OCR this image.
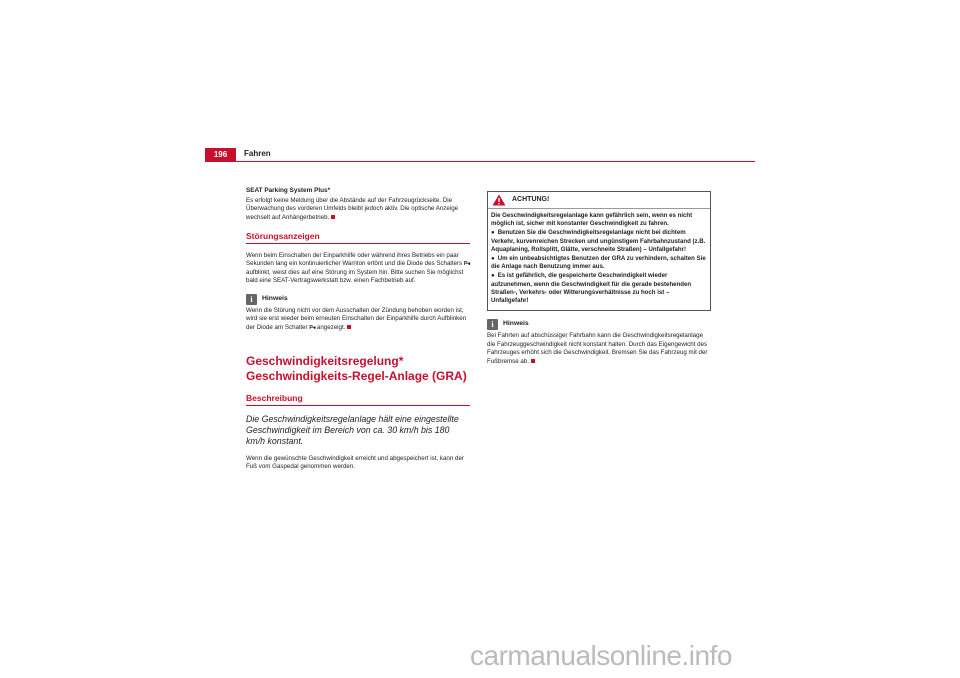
196	Fahren
SEAT Parking System Plus*

Es erfolgt keine Meldung über die Abstände auf der Fahrzeugrückseite. Die Überwachung des vorderen Umfelds bleibt jedoch aktiv. Die optische Anzeige wechselt auf Anhängerbetrieb.

Störungsanzeigen

Wenn beim Einschalten der Einparkhilfe oder während ihres Betriebs ein paar Sekunden lang ein kontinuierlicher Warnton ertönt und die Diode des Schalters P◂ aufblinkt, weist dies auf eine Störung im System hin. Bitte suchen Sie möglichst bald eine SEAT-Vertragswerkstatt bzw. einen Fachbetrieb auf.

i	Hinweis

Wenn die Störung nicht vor dem Ausschalten der Zündung behoben worden ist, wird sie erst wieder beim erneuten Einschalten der Einparkhilfe durch Aufblinken der Diode am Schalter P◂ angezeigt.

Geschwindigkeitsregelung*
Geschwindigkeits-Regel-Anlage (GRA)
Beschreibung
Die Geschwindigkeitsregelanlage hält eine eingestellte Geschwindigkeit im Bereich von ca. 30 km/h bis 180 km/h konstant.

Wenn die gewünschte Geschwindigkeit erreicht und abgespeichert ist, kann der Fuß vom Gaspedal genommen werden.

ACHTUNG!

Die Geschwindigkeitsregelanlage kann gefährlich sein, wenn es nicht möglich ist, sicher mit konstanter Geschwindigkeit zu fahren.

● Benutzen Sie die Geschwindigkeitsregelanlage nicht bei dichtem Verkehr, kurvenreichen Strecken und ungünstigem Fahrbahnzustand (z.B. Aquaplaning, Rollsplitt, Glätte, verschneite Straßen) – Unfallgefahr!

● Um ein unbeabsichtigtes Benutzen der GRA zu verhindern, schalten Sie die Anlage nach Benutzung immer aus.

● Es ist gefährlich, die gespeicherte Geschwindigkeit wieder aufzunehmen, wenn die Geschwindigkeit für die gerade bestehenden Straßen-, Verkehrs- oder Witterungsverhältnisse zu hoch ist – Unfallgefahr!

i	Hinweis

Bei Fahrten auf abschüssiger Fahrbahn kann die Geschwindigkeitsregelanlage die Fahrzeuggeschwindigkeit nicht konstant halten. Durch das Eigengewicht des Fahrzeuges erhöht sich die Geschwindigkeit. Bremsen Sie das Fahrzeug mit der Fußbremse ab.

carmanualsonline.info
